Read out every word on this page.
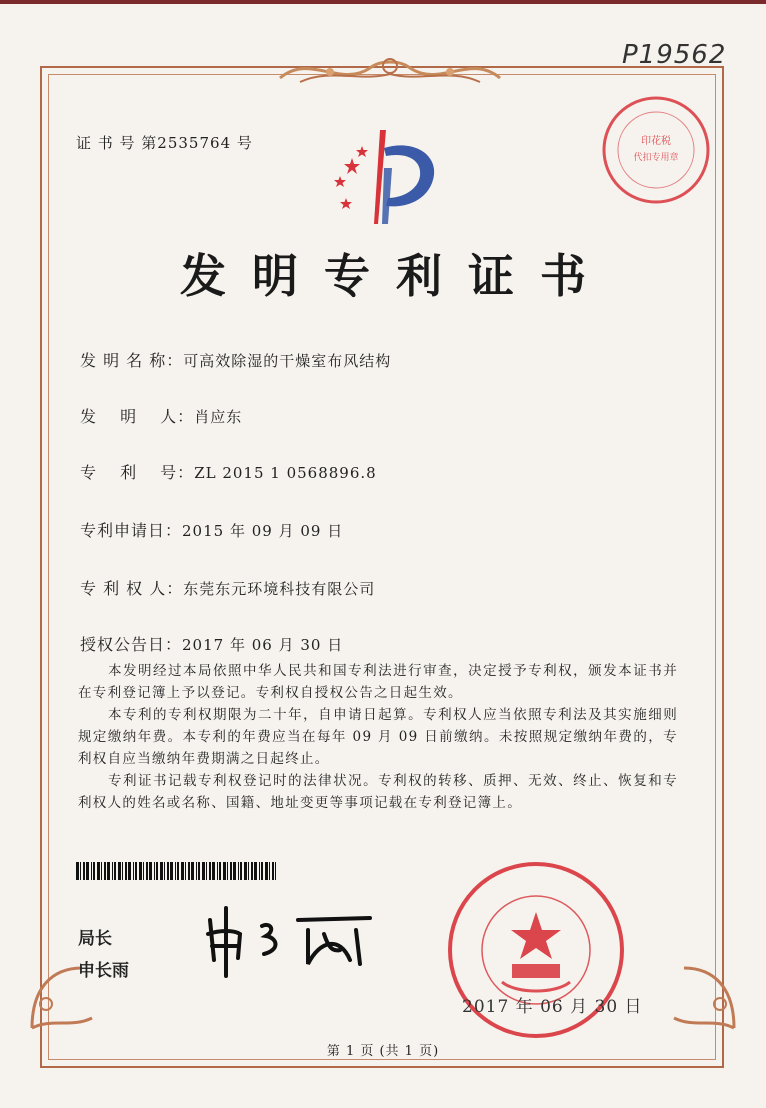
P19562
证 书 号 第2535764 号	印花税
代扣专用章
发明专利证书
发 明 名 称：可高效除湿的干燥室布风结构
发　 明　 人：肖应东
专　 利　 号：ZL 2015 1 0568896.8
专利申请日：2015 年 09 月 09 日
专 利 权 人：东莞东元环境科技有限公司
授权公告日：2017 年 06 月 30 日

　　本发明经过本局依照中华人民共和国专利法进行审查，决定授予专利权，颁发本证书并在专利登记簿上予以登记。专利权自授权公告之日起生效。

　　本专利的专利权期限为二十年，自申请日起算。专利权人应当依照专利法及其实施细则规定缴纳年费。本专利的年费应当在每年 09 月 09 日前缴纳。未按照规定缴纳年费的，专利权自应当缴纳年费期满之日起终止。

　　专利证书记载专利权登记时的法律状况。专利权的转移、质押、无效、终止、恢复和专利权人的姓名或名称、国籍、地址变更等事项记载在专利登记簿上。

局长
申长雨
2017 年 06 月 30 日
第 1 页 (共 1 页)
